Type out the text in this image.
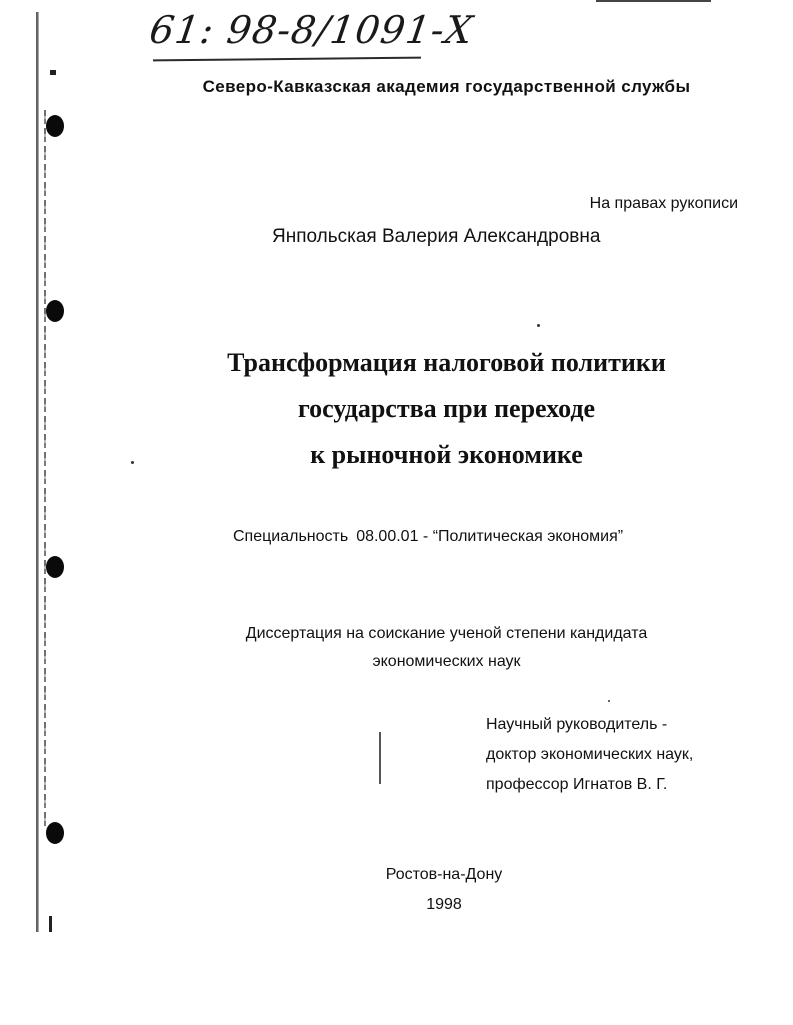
61: 98-8/1091-Х
Северо-Кавказская академия государственной службы
На правах рукописи
Янпольская Валерия Александровна
Трансформация налоговой политики
государства при переходе
к рыночной экономике
Специальность 08.00.01 - “Политическая экономия”
Диссертация на соискание ученой степени кандидата
экономических наук
Научный руководитель -
доктор экономических наук,
профессор Игнатов В. Г.
Ростов-на-Дону
1998
